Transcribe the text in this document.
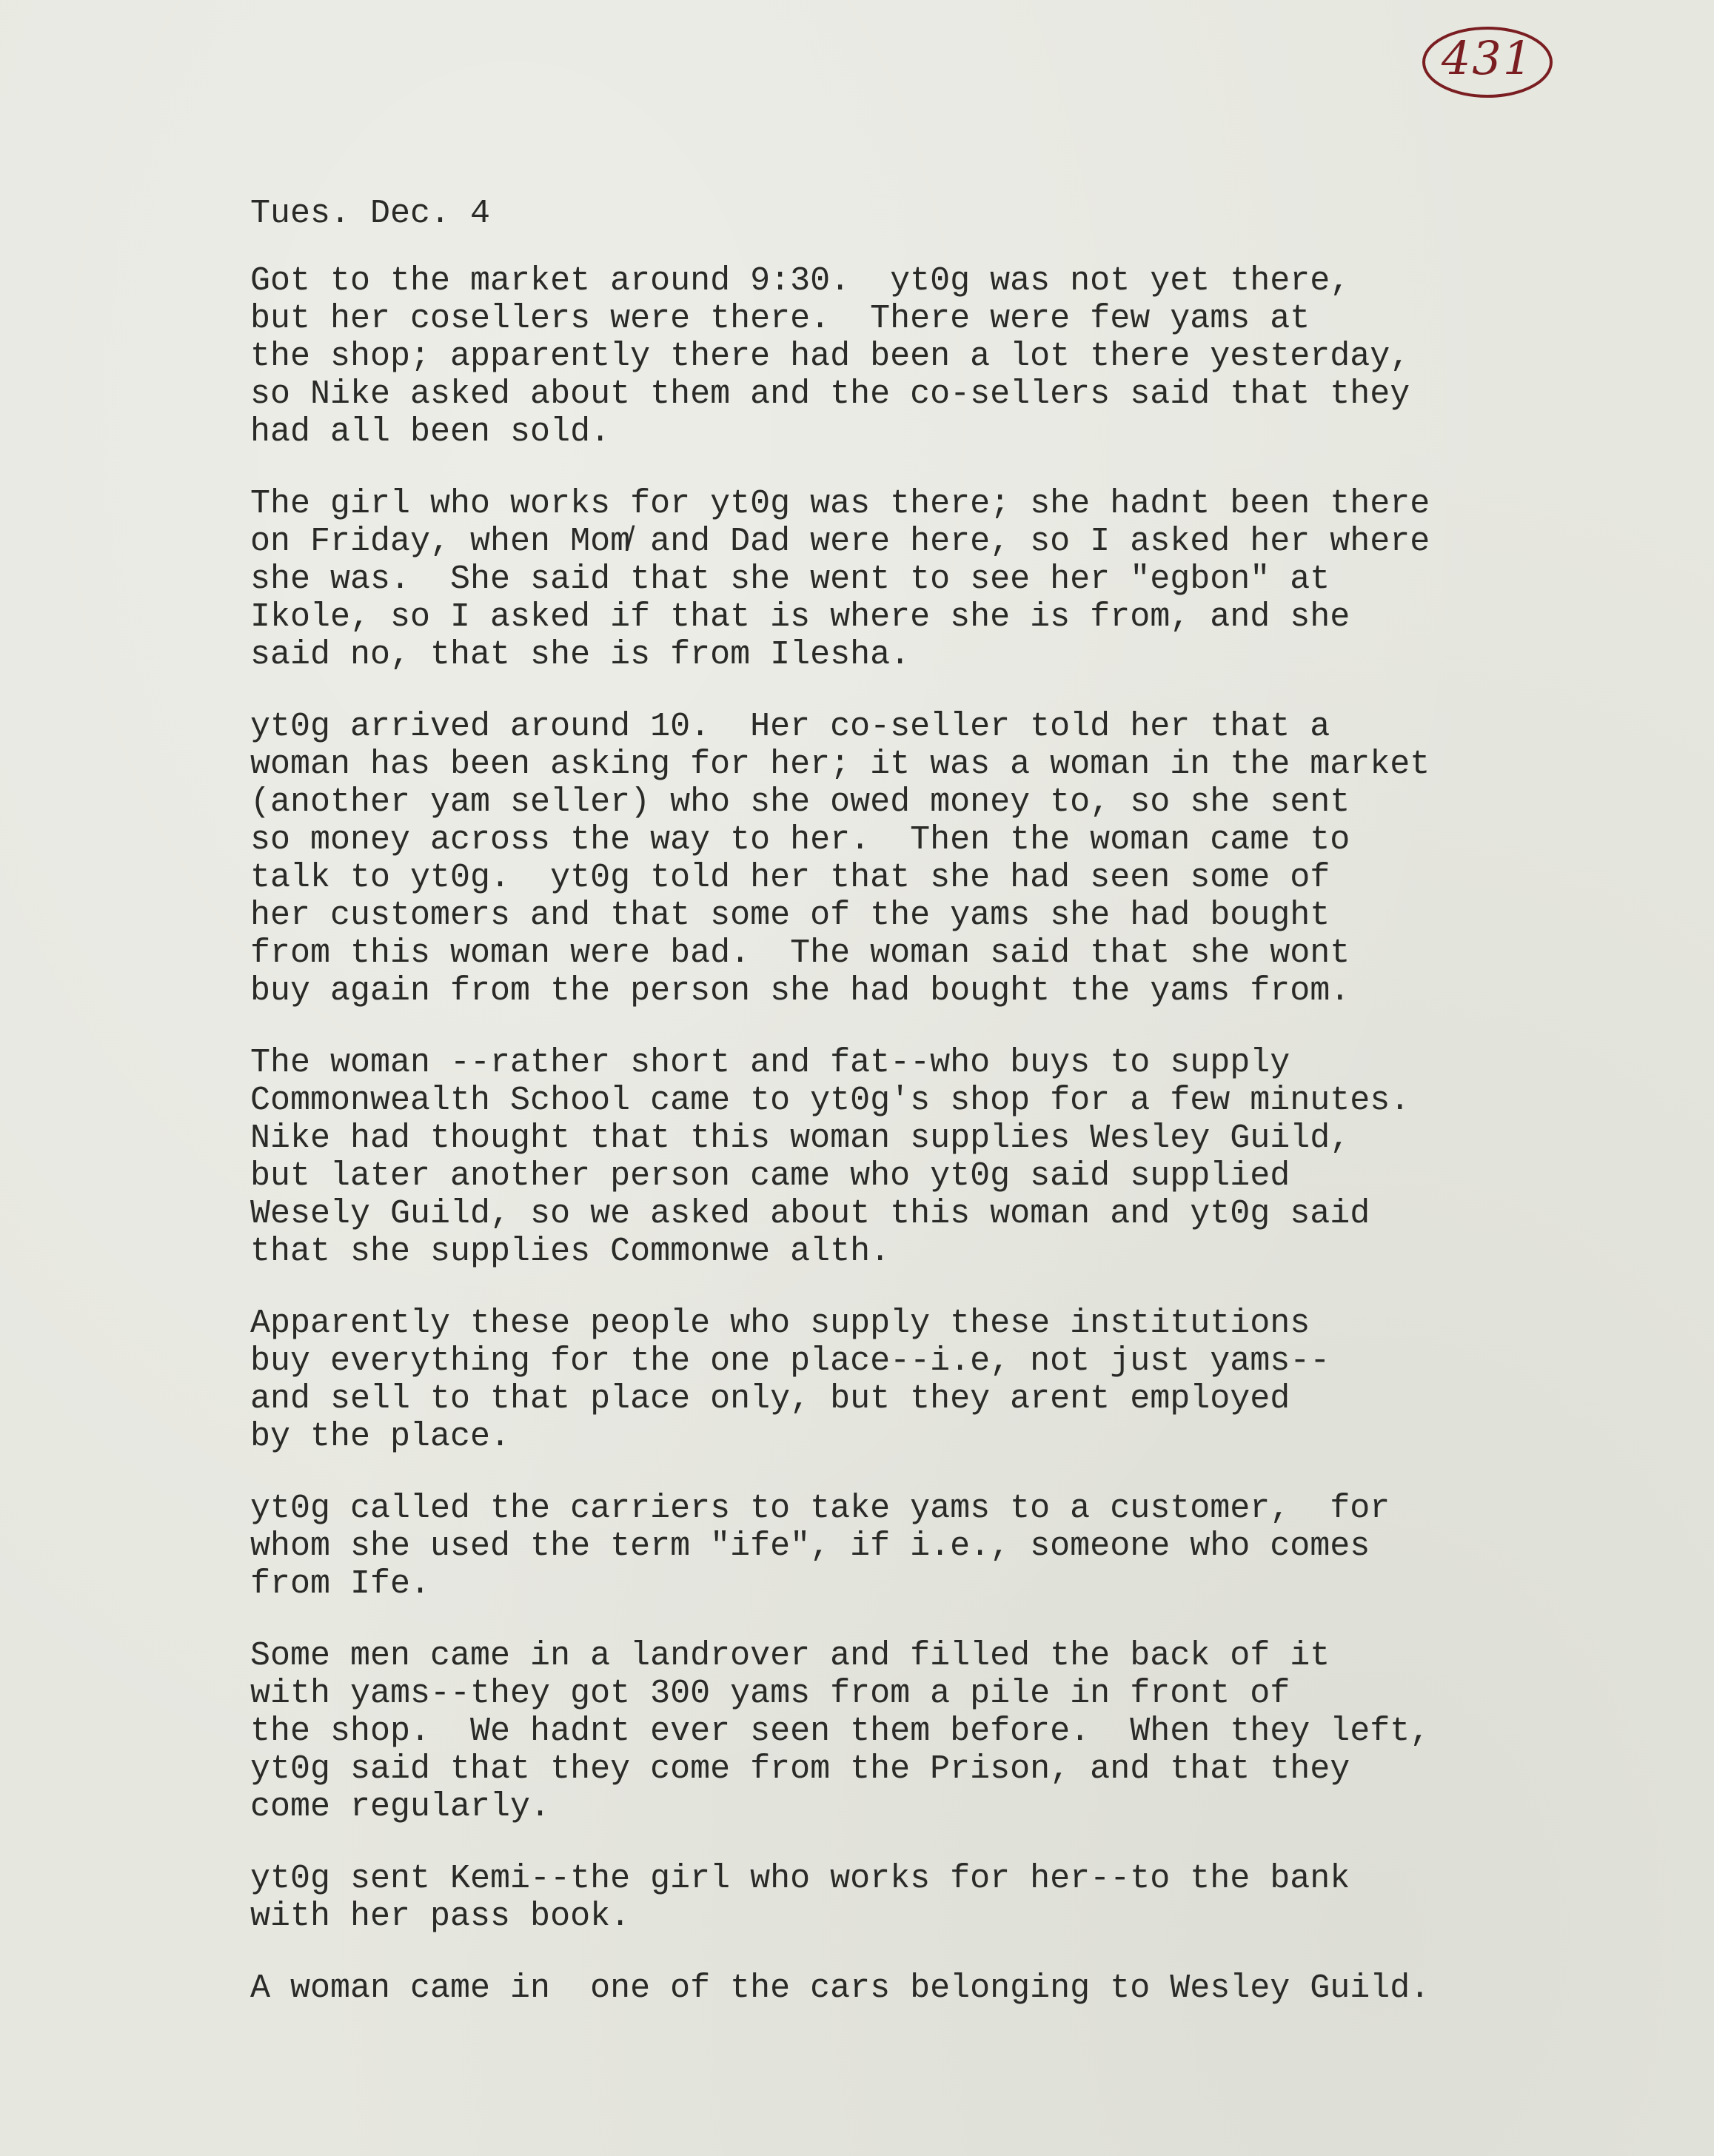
431
Tues. Dec. 4
Got to the market around 9:30.  yt0g was not yet there,
but her cosellers were there.  There were few yams at
the shop; apparently there had been a lot there yesterday,
so Nike asked about them and the co-sellers said that they
had all been sold.
The girl who works for yt0g was there; she hadnt been there
on Friday, when Mom̸ and Dad were here, so I asked her where
she was.  She said that she went to see her "egbon" at
Ikole, so I asked if that is where she is from, and she
said no, that she is from Ilesha.
yt0g arrived around 10.  Her co-seller told her that a
woman has been asking for her; it was a woman in the market
(another yam seller) who she owed money to, so she sent
so money across the way to her.  Then the woman came to
talk to yt0g.  yt0g told her that she had seen some of
her customers and that some of the yams she had bought
from this woman were bad.  The woman said that she wont
buy again from the person she had bought the yams from.
The woman --rather short and fat--who buys to supply
Commonwealth School came to yt0g's shop for a few minutes.
Nike had thought that this woman supplies Wesley Guild,
but later another person came who yt0g said supplied
Wesely Guild, so we asked about this woman and yt0g said
that she supplies Commonwe alth.
Apparently these people who supply these institutions
buy everything for the one place--i.e, not just yams--
and sell to that place only, but they arent employed
by the place.
yt0g called the carriers to take yams to a customer,  for
whom she used the term "ife", if i.e., someone who comes
from Ife.
Some men came in a landrover and filled the back of it
with yams--they got 300 yams from a pile in front of
the shop.  We hadnt ever seen them before.  When they left,
yt0g said that they come from the Prison, and that they
come regularly.
yt0g sent Kemi--the girl who works for her--to the bank
with her pass book.
A woman came in  one of the cars belonging to Wesley Guild.
